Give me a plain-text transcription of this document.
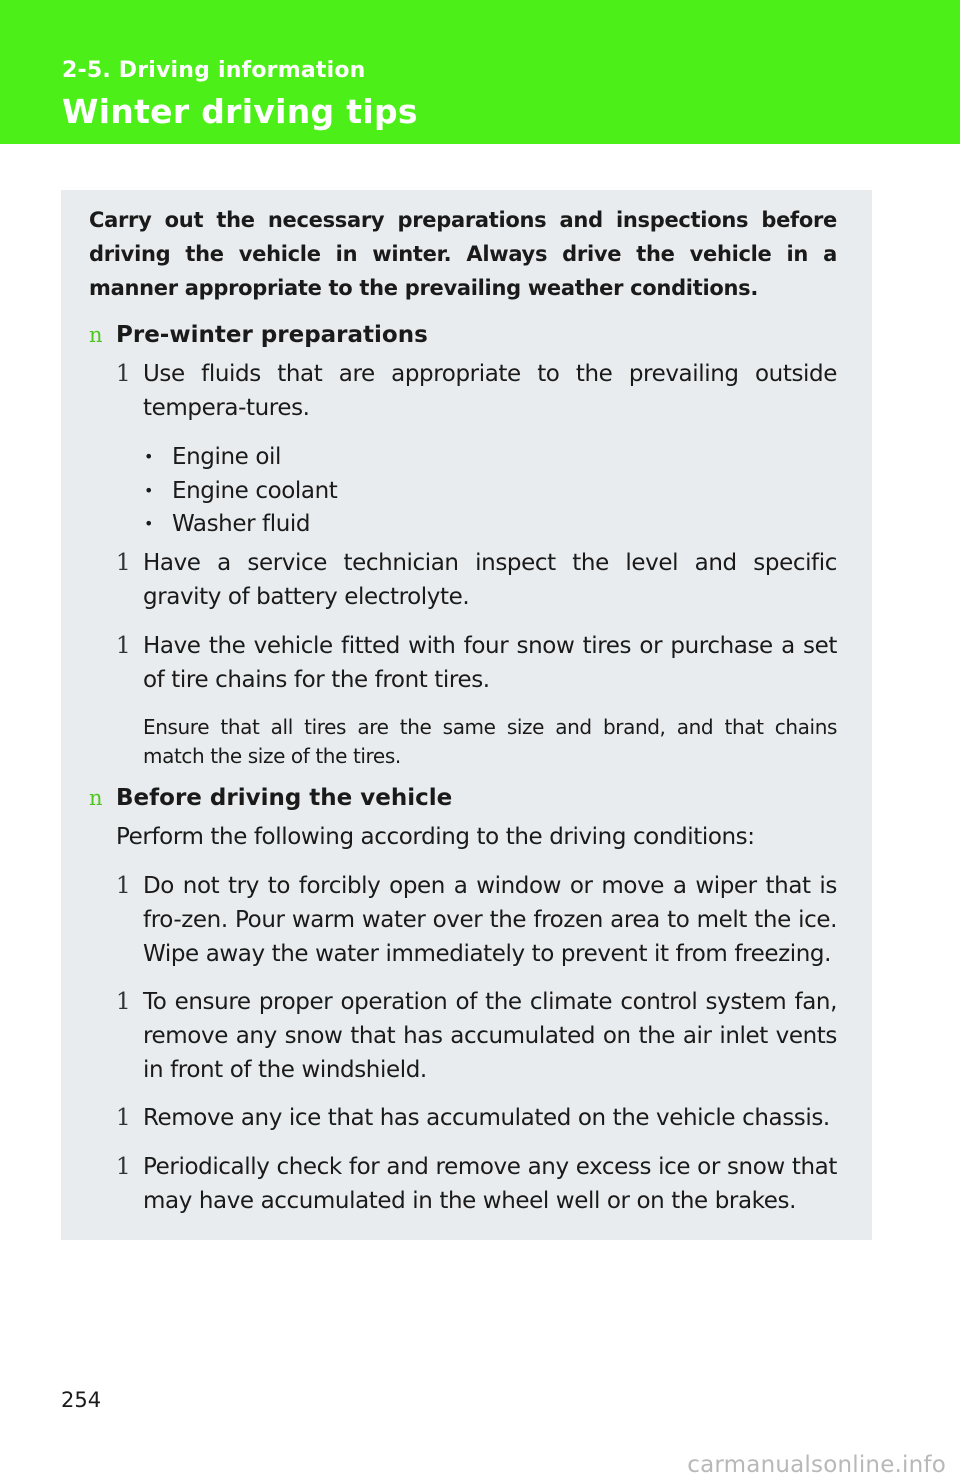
2-5. Driving information
Winter driving tips
Carry out the necessary preparations and inspections before driving the vehicle in winter. Always drive the vehicle in a manner appropriate to the prevailing weather conditions.
n Pre-winter preparations
1 Use fluids that are appropriate to the prevailing outside tempera-tures.
• Engine oil
• Engine coolant
• Washer fluid
1 Have a service technician inspect the level and specific gravity of battery electrolyte.
1 Have the vehicle fitted with four snow tires or purchase a set of tire chains for the front tires.
Ensure that all tires are the same size and brand, and that chains match the size of the tires.
n Before driving the vehicle
Perform the following according to the driving conditions:
1 Do not try to forcibly open a window or move a wiper that is fro-zen. Pour warm water over the frozen area to melt the ice. Wipe away the water immediately to prevent it from freezing.
1 To ensure proper operation of the climate control system fan, remove any snow that has accumulated on the air inlet vents in front of the windshield.
1 Remove any ice that has accumulated on the vehicle chassis.
1 Periodically check for and remove any excess ice or snow that may have accumulated in the wheel well or on the brakes.
254
carmanualsonline.info
